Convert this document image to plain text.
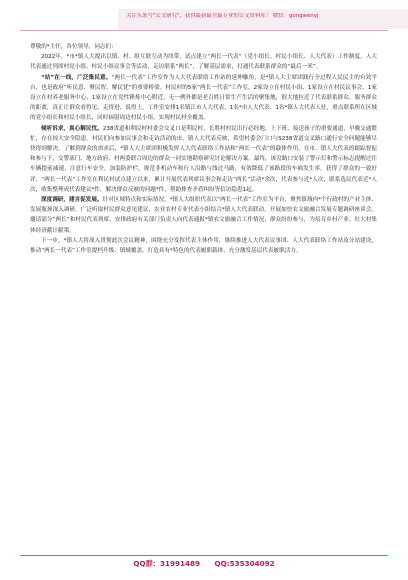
关注头条号"公文研究"，获得最新最全最专业的公文资料库！ 微信：gongwenyj

尊敬的*主任，各位领导，同志们：

2022年，*市*镇人大提出以镇、村、组互联互动为纽带，试点建立“两长一代表”（党小组长、村民小组长、人大代表）工作制度，人大代表通过列席村党小组、村民小组议事会等活动，走访联系“两长”，了解基层需求，打通代表联系群众的“最后一米”。

“站”在一线，广泛集民意。“两长一代表”工作室作为人大代表联络工作站的延伸触角，是*镇人大主席团践行全过程人民民主的有效平台，也是政府“听民意、聚民智、解民忧”的重要桥梁。村民村的5家“两长一代表”工作室，2家设立在村民小组、1家设立在村民议事会、1家设立在村养老服务中心、1家设立在党性锤炼中心附近。无一例外都是老百姓日常生产生活的聚集地，很大地拉近了代表联系群众、服务群众的距离，真正让群众看得见、走得进、说得上。工作室安排1名镇江市人大代表、1名*市人大代表、1名*镇人大代表人驻，重点联系所在区域的党小组长和村民小组长，同时辐射周边村民小组，实现村民村全覆盖。

倾听诉求，真心解民忧。238省道和利民村村委会交叉口是利民村，长胜村村民出行必经地，上下班、接送孩子的重要通道，早晚交通繁忙，存在较大安全隐患。村民们向参加议事会和走访活动的市、镇人大代表反映，希望村委会门口与S238省道交叉路口通行安全问题能够尽快得到解决。了解到群众的需求后，*镇人大主席团积极发挥人大代表联络工作站和“两长一代表”的载体作用，在市、镇人大代表的跟踪督促和参与下，交警部门、地方政府、村两委联合周边的群众一同实地勘察研究讨论解决方案。最终，该岔路口安装了警示灯和警示标志提醒过往车辆提前减速、注意行车安全，加装防护栏，规范非机动车和行人沿路与线过马路，有效降低了该路段的车祸发生率，获得了群众的一致好评。“两长一代表”工作室在利民村试点建立以来，累计开展代表列席议事会和走访“两长”活动*余次，代表参与近*人次，联系选民代表近*人次，收集整理成代表建议*件，解决群众反映的问题*件，帮助排查矛盾纠纷等信访隐患1起。

深度调研，建言促发展。针对区域特点和实际情况，*镇人大组织代表以“两长一代表”工作室为平台，聚焦镇域内*个行政村的产业主体、发展瓶颈深入调研，广泛听取村民群众意见建议，农业农村专业代表小组结合*镇人大代表联动，开展加快农文旅融合发展专题调研座谈会。邀请部分“两长”和村民代表列席，安排政府有关部门负责人向代表通报*镇农文旅融合工作情况，群众纷纷参与，为培育乡村产业、壮大村集体经济献计献策。

下一步，*镇人大将深入贯彻此次会议精神，围绕充分发挥代表主体作用，继续推进人大代表议事团、人大代表联络工作站及分站建设，推动“两长一代表”工作室提档升级、镇域覆盖，打造具有*特色的代表履职载体，充分激发基层代表履职活力。

QQ群：31991489 QQ:535304092
